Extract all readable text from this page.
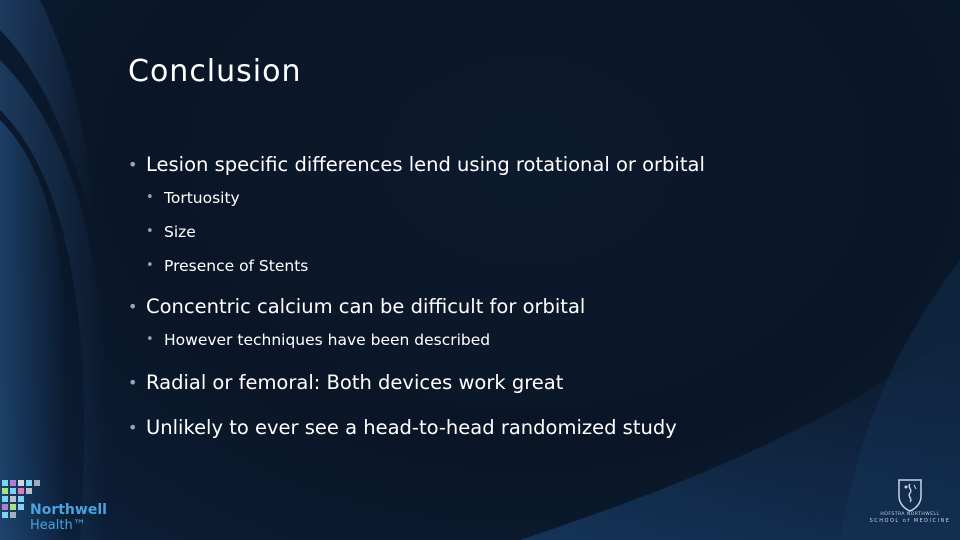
Conclusion
• Lesion specific differences lend using rotational or orbital
• Tortuosity
• Size
• Presence of Stents
• Concentric calcium can be difficult for orbital
• However techniques have been described
• Radial or femoral: Both devices work great
• Unlikely to ever see a head-to-head randomized study
Northwell
Health™
HOFSTRA NORTHWELL
SCHOOL of MEDICINE
